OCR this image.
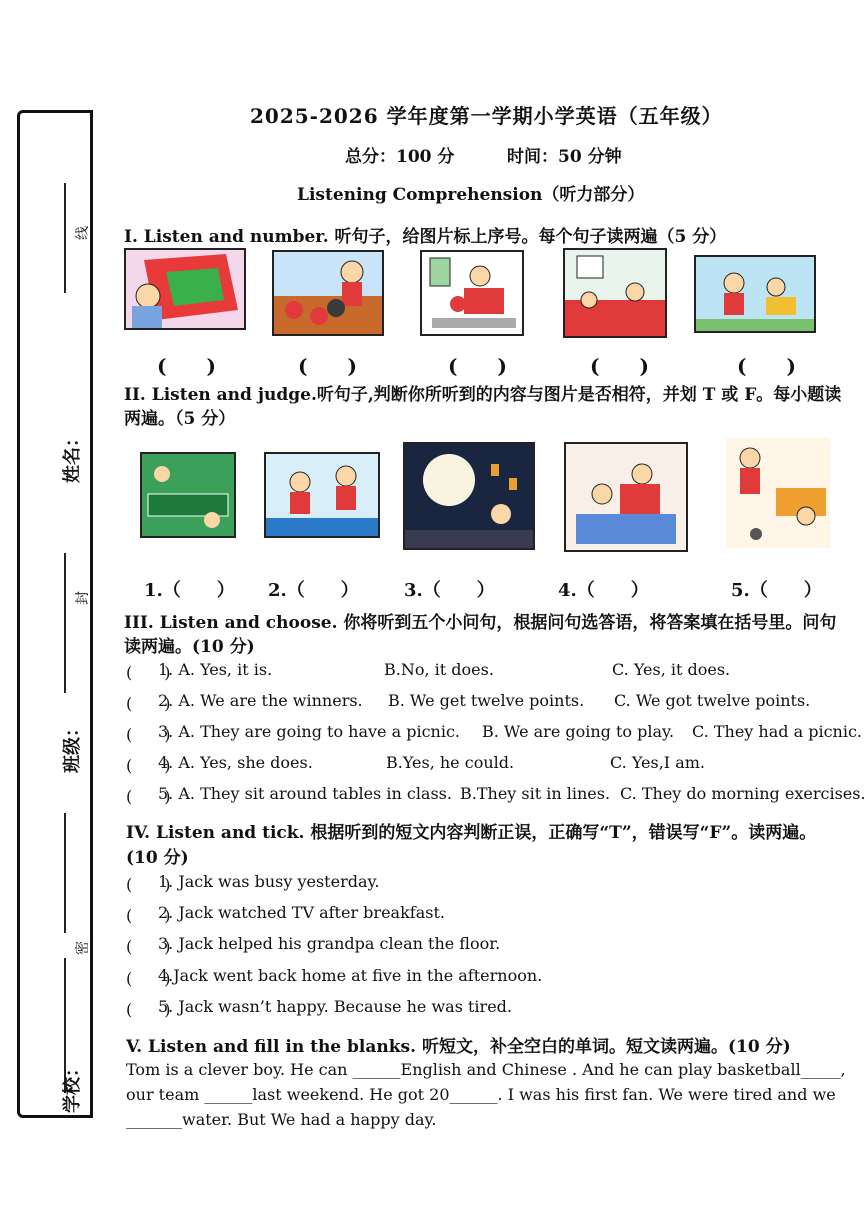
姓名：
班级：
学校：
线
封
密
2025-2026 学年度第一学期小学英语（五年级）
总分：100 分	时间：50 分钟
Listening Comprehension（听力部分）
I. Listen and number. 听句子，给图片标上序号。每个句子读两遍（5 分）
(　　)	(　　)	(　　)	(　　)	(　　)
II. Listen and judge.听句子,判断你所听到的内容与图片是否相符，并划 T 或 F。每小题读
两遍。（5 分）
1.（　　） 2.（　　）	3.（　　）	4.（　　）	5.（　　）
III. Listen and choose. 你将听到五个小问句，根据问句选答语，将答案填在括号里。问句
读两遍。(10 分)
(　　)
1. A. Yes, it is.	B.No, it does.	C. Yes, it does.
(　　)
2. A. We are the winners. B. We get twelve points. C. We got twelve points.
(　　)
3. A. They are going to have a picnic. B. We are going to play. C. They had a picnic.
(　　)
4. A. Yes, she does.	B.Yes, he could.	C. Yes,I am.
(　　)
5. A. They sit around tables in class. B.They sit in lines. C. They do morning exercises.
IV. Listen and tick. 根据听到的短文内容判断正误，正确写“T”，错误写“F”。读两遍。
(10 分)
(　　)
1. Jack was busy yesterday.
(　　)
2. Jack watched TV after breakfast.
(　　)
3. Jack helped his grandpa clean the floor.
(　　)
4.Jack went back home at five in the afternoon.
(　　)
5. Jack wasn’t happy. Because he was tired.
V. Listen and fill in the blanks. 听短文，补全空白的单词。短文读两遍。(10 分)
Tom is a clever boy. He can ______English and Chinese . And he can play basketball_____,
our team ______last weekend. He got 20______. I was his first fan. We were tired and we
_______water. But We had a happy day.
